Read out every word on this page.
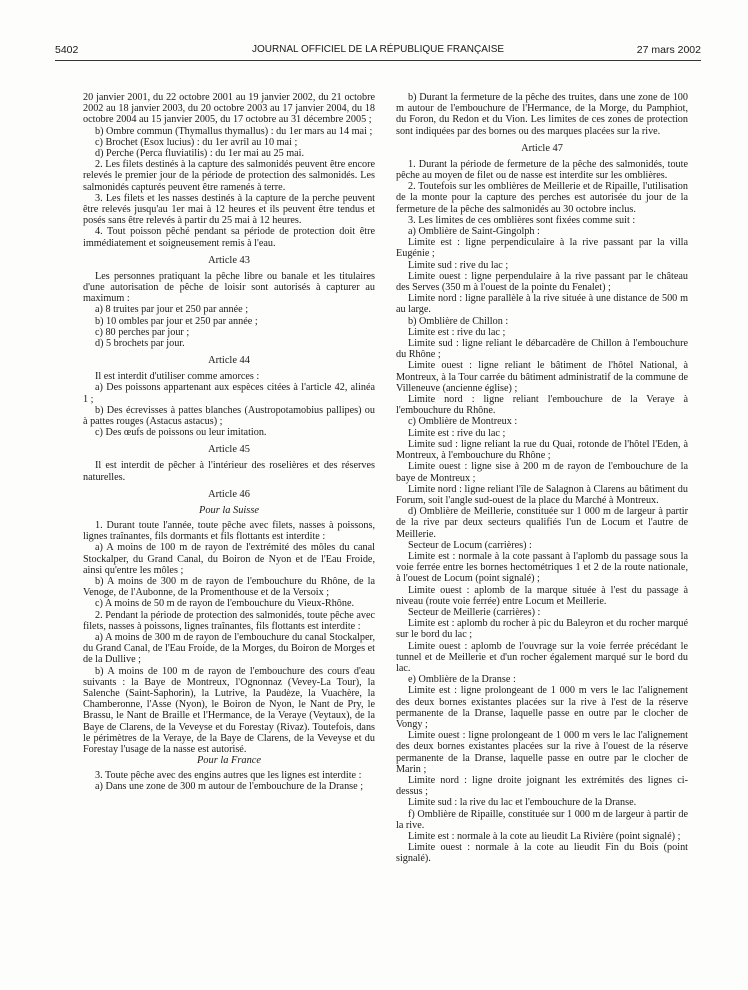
5402	JOURNAL OFFICIEL DE LA RÉPUBLIQUE FRANÇAISE	27 mars 2002

20 janvier 2001, du 22 octobre 2001 au 19 janvier 2002, du 21 octobre 2002 au 18 janvier 2003, du 20 octobre 2003 au 17 janvier 2004, du 18 octobre 2004 au 15 janvier 2005, du 17 octobre au 31 décembre 2005 ;

b) Ombre commun (Thymallus thymallus) : du 1er mars au 14 mai ;

c) Brochet (Esox lucius) : du 1er avril au 10 mai ;

d) Perche (Perca fluviatilis) : du 1er mai au 25 mai.

2. Les filets destinés à la capture des salmonidés peuvent être encore relevés le premier jour de la période de protection des salmonidés. Les salmonidés capturés peuvent être ramenés à terre.

3. Les filets et les nasses destinés à la capture de la perche peuvent être relevés jusqu'au 1er mai à 12 heures et ils peuvent être tendus et posés sans être relevés à partir du 25 mai à 12 heures.

4. Tout poisson pêché pendant sa période de protection doit être immédiatement et soigneusement remis à l'eau.

Article 43

Les personnes pratiquant la pêche libre ou banale et les titulaires d'une autorisation de pêche de loisir sont autorisés à capturer au maximum :

a) 8 truites par jour et 250 par année ;

b) 10 ombles par jour et 250 par année ;

c) 80 perches par jour ;

d) 5 brochets par jour.

Article 44

Il est interdit d'utiliser comme amorces :

a) Des poissons appartenant aux espèces citées à l'article 42, alinéa 1 ;

b) Des écrevisses à pattes blanches (Austropotamobius pallipes) ou à pattes rouges (Astacus astacus) ;

c) Des œufs de poissons ou leur imitation.

Article 45

Il est interdit de pêcher à l'intérieur des roselières et des réserves naturelles.

Article 46
Pour la Suisse

1. Durant toute l'année, toute pêche avec filets, nasses à poissons, lignes traînantes, fils dormants et fils flottants est interdite :

a) A moins de 100 m de rayon de l'extrémité des môles du canal Stockalper, du Grand Canal, du Boiron de Nyon et de l'Eau Froide, ainsi qu'entre les môles ;

b) A moins de 300 m de rayon de l'embouchure du Rhône, de la Venoge, de l'Aubonne, de la Promenthouse et de la Versoix ;

c) A moins de 50 m de rayon de l'embouchure du Vieux-Rhône.

2. Pendant la période de protection des salmonidés, toute pêche avec filets, nasses à poissons, lignes traînantes, fils flottants est interdite :

a) A moins de 300 m de rayon de l'embouchure du canal Stockalper, du Grand Canal, de l'Eau Froide, de la Morges, du Boiron de Morges et de la Dullive ;

b) A moins de 100 m de rayon de l'embouchure des cours d'eau suivants : la Baye de Montreux, l'Ognonnaz (Vevey-La Tour), la Salenche (Saint-Saphorin), la Lutrive, la Paudèze, la Vuachère, la Chamberonne, l'Asse (Nyon), le Boiron de Nyon, le Nant de Pry, le Brassu, le Nant de Braille et l'Hermance, de la Veraye (Veytaux), de la Baye de Clarens, de la Veveyse et du Forestay (Rivaz). Toutefois, dans le périmètres de la Veraye, de la Baye de Clarens, de la Veveyse et du Forestay l'usage de la nasse est autorisé.

Pour la France

3. Toute pêche avec des engins autres que les lignes est interdite :

a) Dans une zone de 300 m autour de l'embouchure de la Dranse ;

b) Durant la fermeture de la pêche des truites, dans une zone de 100 m autour de l'embouchure de l'Hermance, de la Morge, du Pamphiot, du Foron, du Redon et du Vion. Les limites de ces zones de protection sont indiquées par des bornes ou des marques placées sur la rive.

Article 47

1. Durant la période de fermeture de la pêche des salmonidés, toute pêche au moyen de filet ou de nasse est interdite sur les omblières.

2. Toutefois sur les omblières de Meillerie et de Ripaille, l'utilisation de la monte pour la capture des perches est autorisée du jour de la fermeture de la pêche des salmonidés au 30 octobre inclus.

3. Les limites de ces omblières sont fixées comme suit :

a) Omblière de Saint-Gingolph :

Limite est : ligne perpendiculaire à la rive passant par la villa Eugénie ;

Limite sud : rive du lac ;

Limite ouest : ligne perpendulaire à la rive passant par le château des Serves (350 m à l'ouest de la pointe du Fenalet) ;

Limite nord : ligne parallèle à la rive située à une distance de 500 m au large.

b) Omblière de Chillon :

Limite est : rive du lac ;

Limite sud : ligne reliant le débarcadère de Chillon à l'embouchure du Rhône ;

Limite ouest : ligne reliant le bâtiment de l'hôtel National, à Montreux, à la Tour carrée du bâtiment administratif de la commune de Villeneuve (ancienne église) ;

Limite nord : ligne reliant l'embouchure de la Veraye à l'embouchure du Rhône.

c) Omblière de Montreux :

Limite est : rive du lac ;

Limite sud : ligne reliant la rue du Quai, rotonde de l'hôtel l'Eden, à Montreux, à l'embouchure du Rhône ;

Limite ouest : ligne sise à 200 m de rayon de l'embouchure de la baye de Montreux ;

Limite nord : ligne reliant l'île de Salagnon à Clarens au bâtiment du Forum, soit l'angle sud-ouest de la place du Marché à Montreux.

d) Omblière de Meillerie, constituée sur 1 000 m de largeur à partir de la rive par deux secteurs qualifiés l'un de Locum et l'autre de Meillerie.

Secteur de Locum (carrières) :

Limite est : normale à la cote passant à l'aplomb du passage sous la voie ferrée entre les bornes hectométriques 1 et 2 de la route nationale, à l'ouest de Locum (point signalé) ;

Limite ouest : aplomb de la marque située à l'est du passage à niveau (route voie ferrée) entre Locum et Meillerie.

Secteur de Meillerie (carrières) :

Limite est : aplomb du rocher à pic du Baleyron et du rocher marqué sur le bord du lac ;

Limite ouest : aplomb de l'ouvrage sur la voie ferrée précédant le tunnel et de Meillerie et d'un rocher également marqué sur le bord du lac.

e) Omblière de la Dranse :

Limite est : ligne prolongeant de 1 000 m vers le lac l'alignement des deux bornes existantes placées sur la rive à l'est de la réserve permanente de la Dranse, laquelle passe en outre par le clocher de Vongy ;

Limite ouest : ligne prolongeant de 1 000 m vers le lac l'alignement des deux bornes existantes placées sur la rive à l'ouest de la réserve permanente de la Dranse, laquelle passe en outre par le clocher de Marin ;

Limite nord : ligne droite joignant les extrémités des lignes ci-dessus ;

Limite sud : la rive du lac et l'embouchure de la Dranse.

f) Omblière de Ripaille, constituée sur 1 000 m de largeur à partir de la rive.

Limite est : normale à la cote au lieudit La Rivière (point signalé) ;

Limite ouest : normale à la cote au lieudit Fin du Bois (point signalé).
